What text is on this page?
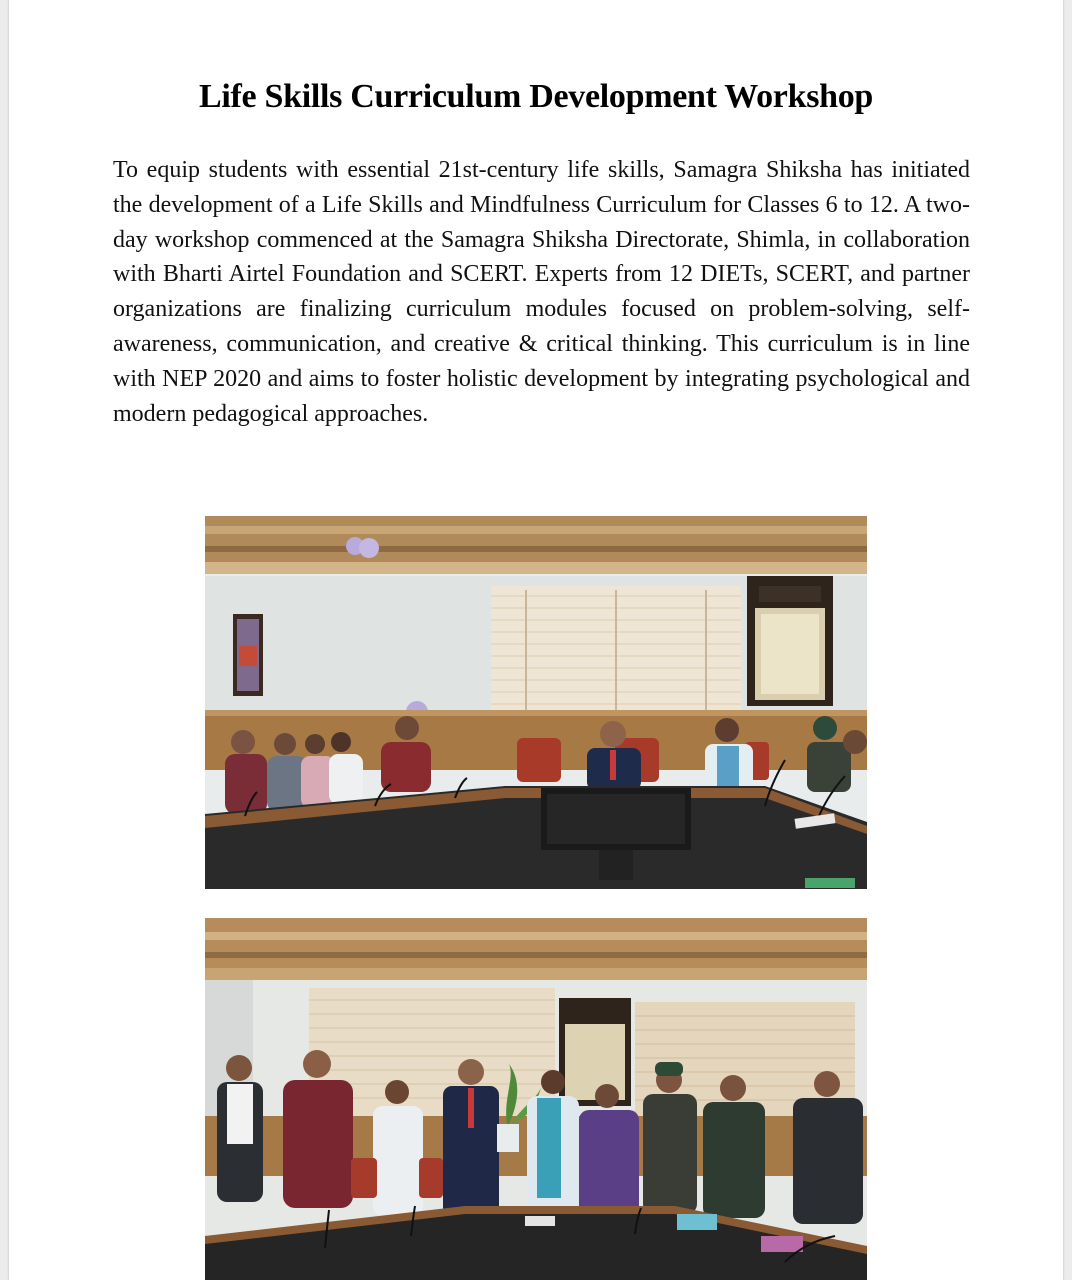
Life Skills Curriculum Development Workshop

To equip students with essential 21st-century life skills, Samagra Shiksha has initiated the development of a Life Skills and Mindfulness Curriculum for Classes 6 to 12. A two-day workshop commenced at the Samagra Shiksha Directorate, Shimla, in collaboration with Bharti Airtel Foundation and SCERT. Experts from 12 DIETs, SCERT, and partner organizations are finalizing curriculum modules focused on problem-solving, self-awareness, communication, and creative & critical thinking. This curriculum is in line with NEP 2020 and aims to foster holistic development by integrating psychological and modern pedagogical approaches.
